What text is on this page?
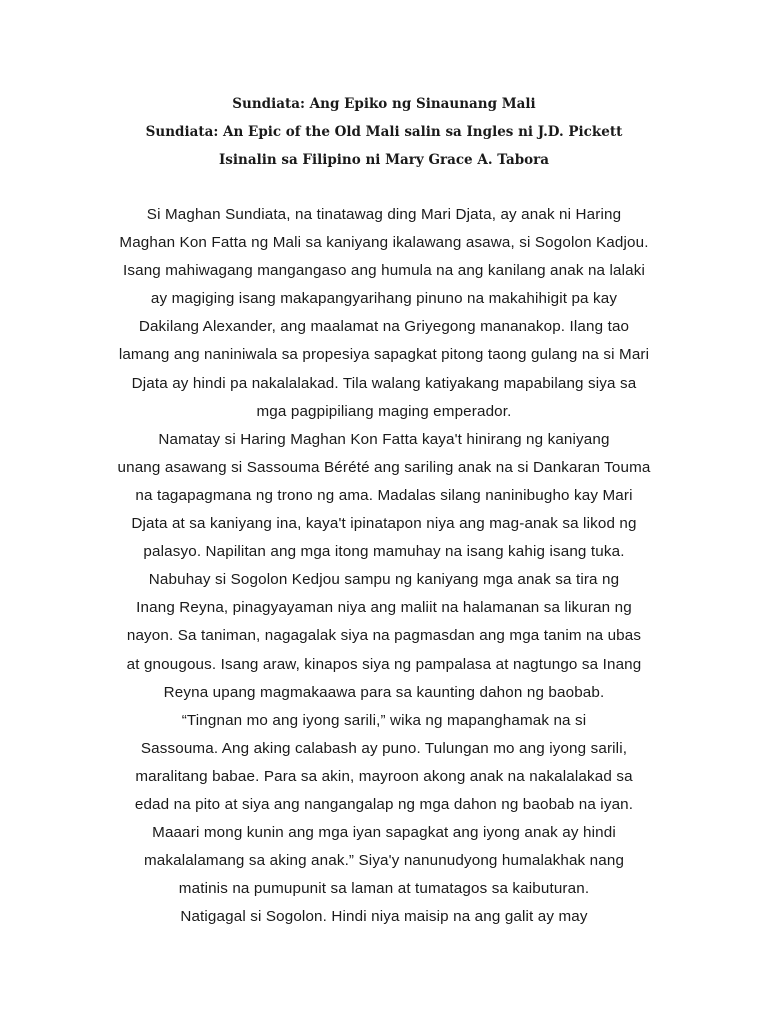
Sundiata: Ang Epiko ng Sinaunang Mali
Sundiata: An Epic of the Old Mali salin sa Ingles ni J.D. Pickett
Isinalin sa Filipino ni Mary Grace A. Tabora
Si Maghan Sundiata, na tinatawag ding Mari Djata, ay anak ni Haring
Maghan Kon Fatta ng Mali sa kaniyang ikalawang asawa, si Sogolon Kadjou.
Isang mahiwagang mangangaso ang humula na ang kanilang anak na lalaki
ay magiging isang makapangyarihang pinuno na makahihigit pa kay
Dakilang Alexander, ang maalamat na Griyegong mananakop. Ilang tao
lamang ang naniniwala sa propesiya sapagkat pitong taong gulang na si Mari
Djata ay hindi pa nakalalakad. Tila walang katiyakang mapabilang siya sa
mga pagpipiliang maging emperador.
Namatay si Haring Maghan Kon Fatta kaya't hinirang ng kaniyang
unang asawang si Sassouma Bérété ang sariling anak na si Dankaran Touma
na tagapagmana ng trono ng ama. Madalas silang naninibugho kay Mari
Djata at sa kaniyang ina, kaya't ipinatapon niya ang mag-anak sa likod ng
palasyo. Napilitan ang mga itong mamuhay na isang kahig isang tuka.
Nabuhay si Sogolon Kedjou sampu ng kaniyang mga anak sa tira ng
Inang Reyna, pinagyayaman niya ang maliit na halamanan sa likuran ng
nayon. Sa taniman, nagagalak siya na pagmasdan ang mga tanim na ubas
at gnougous. Isang araw, kinapos siya ng pampalasa at nagtungo sa Inang
Reyna upang magmakaawa para sa kaunting dahon ng baobab.
“Tingnan mo ang iyong sarili,” wika ng mapanghamak na si
Sassouma. Ang aking calabash ay puno. Tulungan mo ang iyong sarili,
maralitang babae. Para sa akin, mayroon akong anak na nakalalakad sa
edad na pito at siya ang nangangalap ng mga dahon ng baobab na iyan.
Maaari mong kunin ang mga iyan sapagkat ang iyong anak ay hindi
makalalamang sa aking anak.” Siya'y nanunudyong humalakhak nang
matinis na pumupunit sa laman at tumatagos sa kaibuturan.
Natigagal si Sogolon. Hindi niya maisip na ang galit ay may
